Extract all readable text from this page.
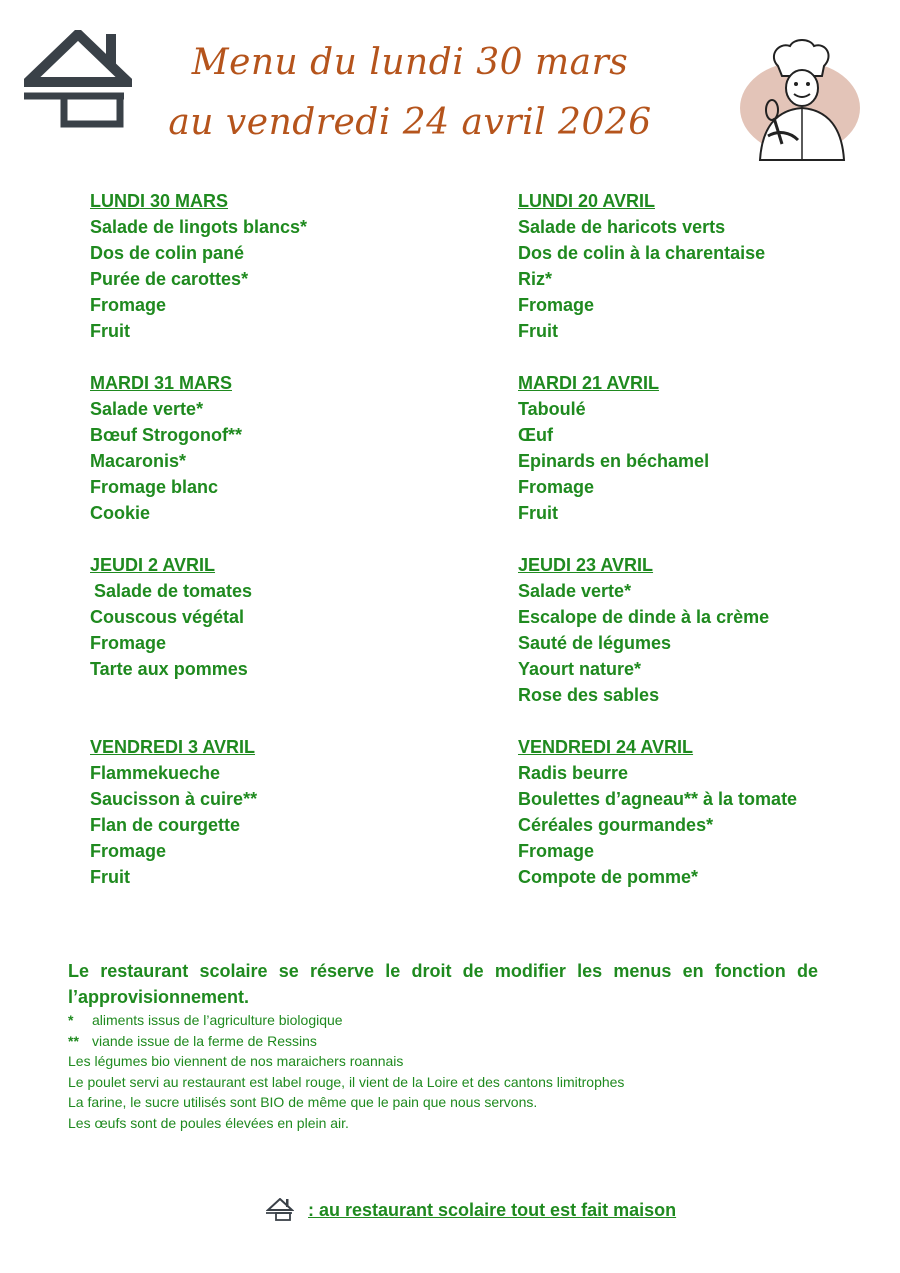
Menu du lundi 30 mars
au vendredi 24 avril 2026
LUNDI 30 MARS
Salade de lingots blancs*
Dos de colin pané
Purée de carottes*
Fromage
Fruit
MARDI 31 MARS
Salade verte*
Bœuf Strogonof**
Macaronis*
Fromage blanc
Cookie
JEUDI 2 AVRIL
Salade de tomates
Couscous végétal
Fromage
Tarte aux pommes
VENDREDI 3 AVRIL
Flammekueche
Saucisson à cuire**
Flan de courgette
Fromage
Fruit
LUNDI 20 AVRIL
Salade de haricots verts
Dos de colin à la charentaise
Riz*
Fromage
Fruit
MARDI 21 AVRIL
Taboulé
Œuf
Epinards en béchamel
Fromage
Fruit
JEUDI 23 AVRIL
Salade verte*
Escalope de dinde à la crème
Sauté de légumes
Yaourt nature*
Rose des sables
VENDREDI 24 AVRIL
Radis beurre
Boulettes d’agneau** à la tomate
Céréales gourmandes*
Fromage
Compote de pomme*
Le restaurant scolaire se réserve le droit de modifier les menus en fonction de l’approvisionnement.
* aliments issus de l’agriculture biologique
** viande issue de la ferme de Ressins
Les légumes bio viennent de nos maraichers roannais
Le poulet servi au restaurant est label rouge, il vient de la Loire et des cantons limitrophes
La farine, le sucre utilisés sont BIO de même que le pain que nous servons.
Les œufs sont de poules élevées en plein air.
: au restaurant scolaire tout est fait maison
